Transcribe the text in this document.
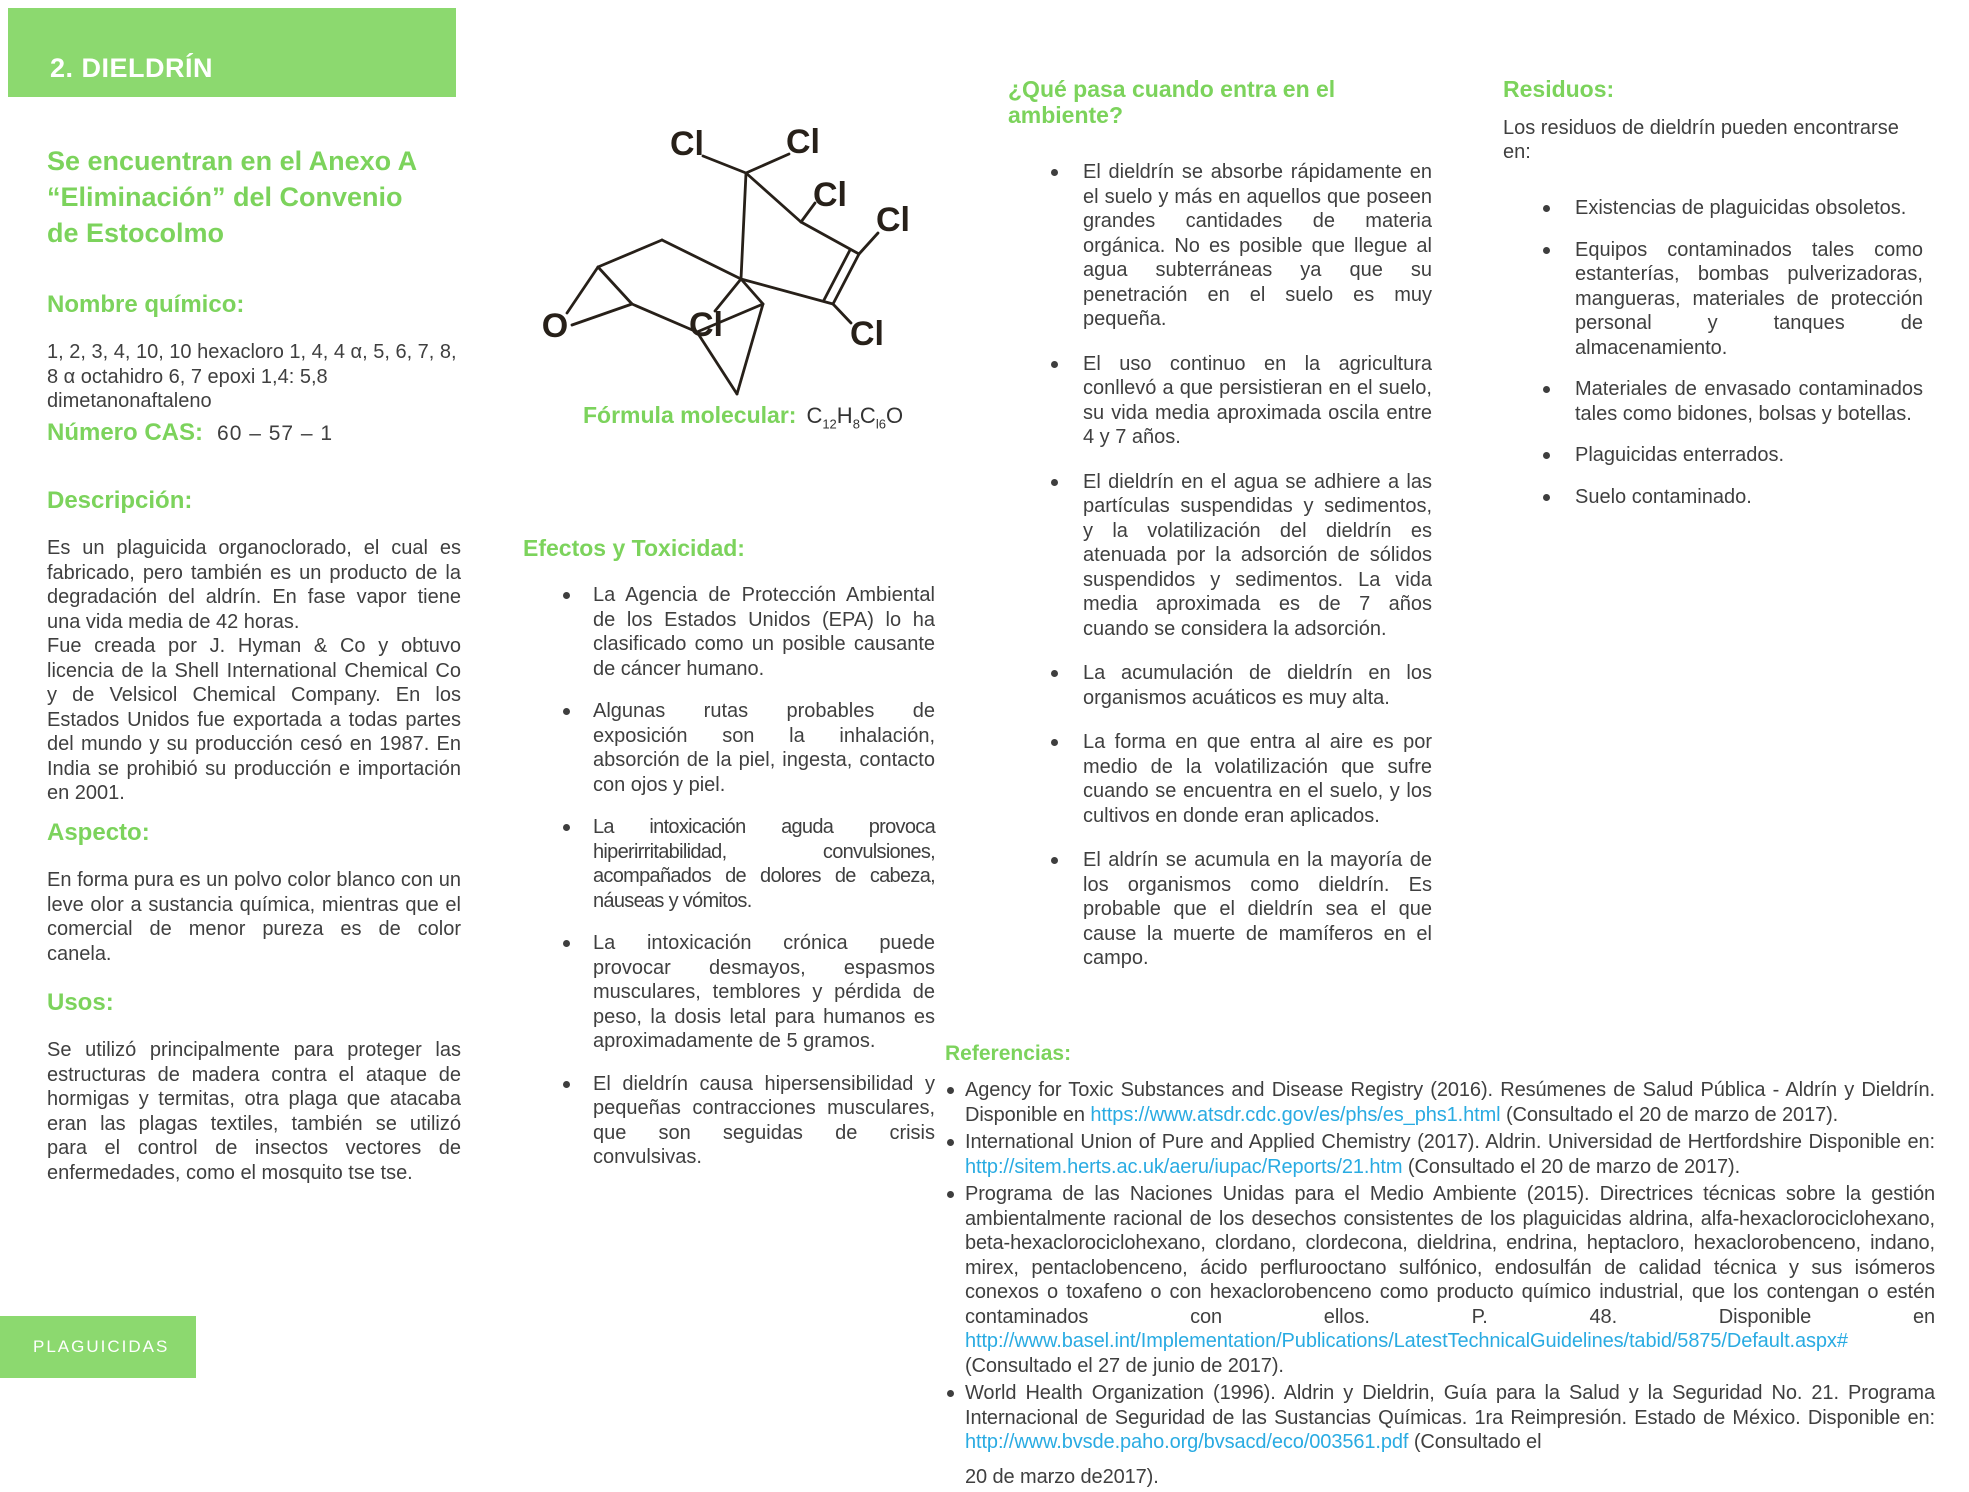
2. DIELDRÍN
Se encuentran en el Anexo A “Eliminación” del Convenio de Estocolmo
Nombre químico:
1, 2, 3, 4, 10, 10 hexacloro 1, 4, 4 α, 5, 6, 7, 8, 8 α octahidro 6, 7 epoxi 1,4: 5,8 dimetanonaftaleno
Número CAS: 60 – 57 – 1
Descripción:

Es un plaguicida organoclorado, el cual es fabricado, pero también es un producto de la degradación del aldrín. En fase vapor tiene una vida media de 42 horas.

Fue creada por J. Hyman & Co y obtuvo licencia de la Shell International Chemical Co y de Velsicol Chemical Company. En los Estados Unidos fue exportada a todas partes del mundo y su producción cesó en 1987. En India se prohibió su producción e importación en 2001.

Aspecto:
En forma pura es un polvo color blanco con un leve olor a sustancia química, mientras que el comercial de menor pureza es de color canela.
Usos:
Se utilizó principalmente para proteger las estructuras de madera contra el ataque de hormigas y termitas, otra plaga que atacaba eran las plagas textiles, también se utilizó para el control de insectos vectores de enfermedades, como el mosquito tse tse.
Cl Cl
Cl
Cl
Cl	Cl
O
Fórmula molecular: $C_{12}H_8C_{l6}O$
Efectos y Toxicidad:
La Agencia de Protección Ambiental de los Estados Unidos (EPA) lo ha clasificado como un posible causante de cáncer humano.
Algunas rutas probables de exposición son la inhalación, absorción de la piel, ingesta, contacto con ojos y piel.
La intoxicación aguda provoca hiperirritabilidad, convulsiones, acompañados de dolores de cabeza, náuseas y vómitos.
La intoxicación crónica puede provocar desmayos, espasmos musculares, temblores y pérdida de peso, la dosis letal para humanos es aproximadamente de 5 gramos.
El dieldrín causa hipersensibilidad y pequeñas contracciones musculares, que son seguidas de crisis convulsivas.
¿Qué pasa cuando entra en el ambiente?
El dieldrín se absorbe rápidamente en el suelo y más en aquellos que poseen grandes cantidades de materia orgánica. No es posible que llegue al agua subterráneas ya que su penetración en el suelo es muy pequeña.
El uso continuo en la agricultura conllevó a que persistieran en el suelo, su vida media aproximada oscila entre 4 y 7 años.
El dieldrín en el agua se adhiere a las partículas suspendidas y sedimentos, y la volatilización del dieldrín es atenuada por la adsorción de sólidos suspendidos y sedimentos. La vida media aproximada es de 7 años cuando se considera la adsorción.
La acumulación de dieldrín en los organismos acuáticos es muy alta.
La forma en que entra al aire es por medio de la volatilización que sufre cuando se encuentra en el suelo, y los cultivos en donde eran aplicados.
El aldrín se acumula en la mayoría de los organismos como dieldrín. Es probable que el dieldrín sea el que cause la muerte de mamíferos en el campo.
Residuos:
Los residuos de dieldrín pueden encontrarse en:
Existencias de plaguicidas obsoletos.
Equipos contaminados tales como estanterías, bombas pulverizadoras, mangueras, materiales de protección personal y tanques de almacenamiento.
Materiales de envasado contaminados tales como bidones, bolsas y botellas.
Plaguicidas enterrados.
Suelo contaminado.
Referencias:
Agency for Toxic Substances and Disease Registry (2016). Resúmenes de Salud Pública - Aldrín y Dieldrín. Disponible en https://www.atsdr.cdc.gov/es/phs/es_phs1.html (Consultado el 20 de marzo de 2017).
International Union of Pure and Applied Chemistry (2017). Aldrin. Universidad de Hertfordshire Disponible en: http://sitem.herts.ac.uk/aeru/iupac/Reports/21.htm (Consultado el 20 de marzo de 2017).
Programa de las Naciones Unidas para el Medio Ambiente (2015). Directrices técnicas sobre la gestión ambientalmente racional de los desechos consistentes de los plaguicidas aldrina, alfa-hexaclorociclohexano, beta-hexaclorociclohexano, clordano, clordecona, dieldrina, endrina, heptacloro, hexaclorobenceno, indano, mirex, pentaclobenceno, ácido perflurooctano sulfónico, endosulfán de calidad técnica y sus isómeros conexos o toxafeno o con hexaclorobenceno como producto químico industrial, que los contengan o estén contaminados con ellos. P. 48. Disponible en http://www.basel.int/Implementation/Publications/LatestTechnicalGuidelines/tabid/5875/Default.aspx# (Consultado el 27 de junio de 2017).
World Health Organization (1996). Aldrin y Dieldrin, Guía para la Salud y la Seguridad No. 21. Programa Internacional de Seguridad de las Sustancias Químicas. 1ra Reimpresión. Estado de México. Disponible en: http://www.bvsde.paho.org/bvsacd/eco/003561.pdf (Consultado el
20 de marzo de2017).
PLAGUICIDAS
